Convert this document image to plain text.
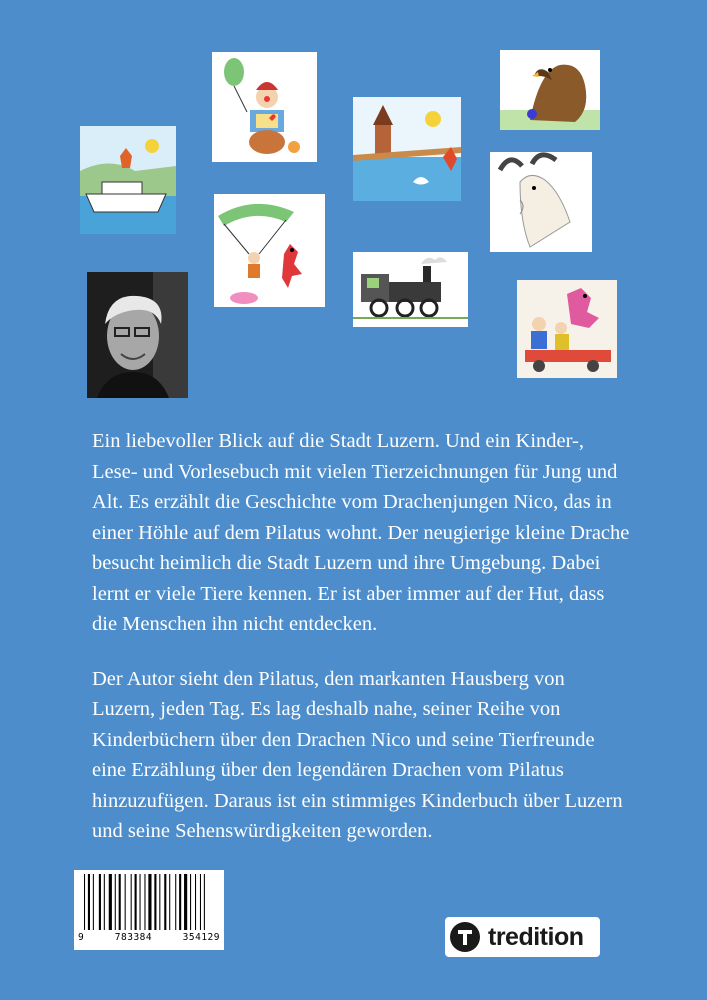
Ein liebevoller Blick auf die Stadt Luzern. Und ein Kinder-, Lese- und Vorlesebuch mit vielen Tierzeichnungen für Jung und Alt. Es erzählt die Geschichte vom Drachenjungen Nico, das in einer Höhle auf dem Pilatus wohnt. Der neugierige kleine Drache besucht heimlich die Stadt Luzern und ihre Umgebung. Dabei lernt er viele Tiere kennen. Er ist aber immer auf der Hut, dass die Menschen ihn nicht entdecken.

Der Autor sieht den Pilatus, den markanten Hausberg von Luzern, jeden Tag. Es lag deshalb nahe, seiner Reihe von Kinderbüchern über den Drachen Nico und seine Tierfreunde eine Erzählung über den legendären Drachen vom Pilatus hinzuzufügen. Daraus ist ein stimmiges Kinderbuch über Luzern und seine Sehenswürdigkeiten geworden.

9	783384	354129	tredition
